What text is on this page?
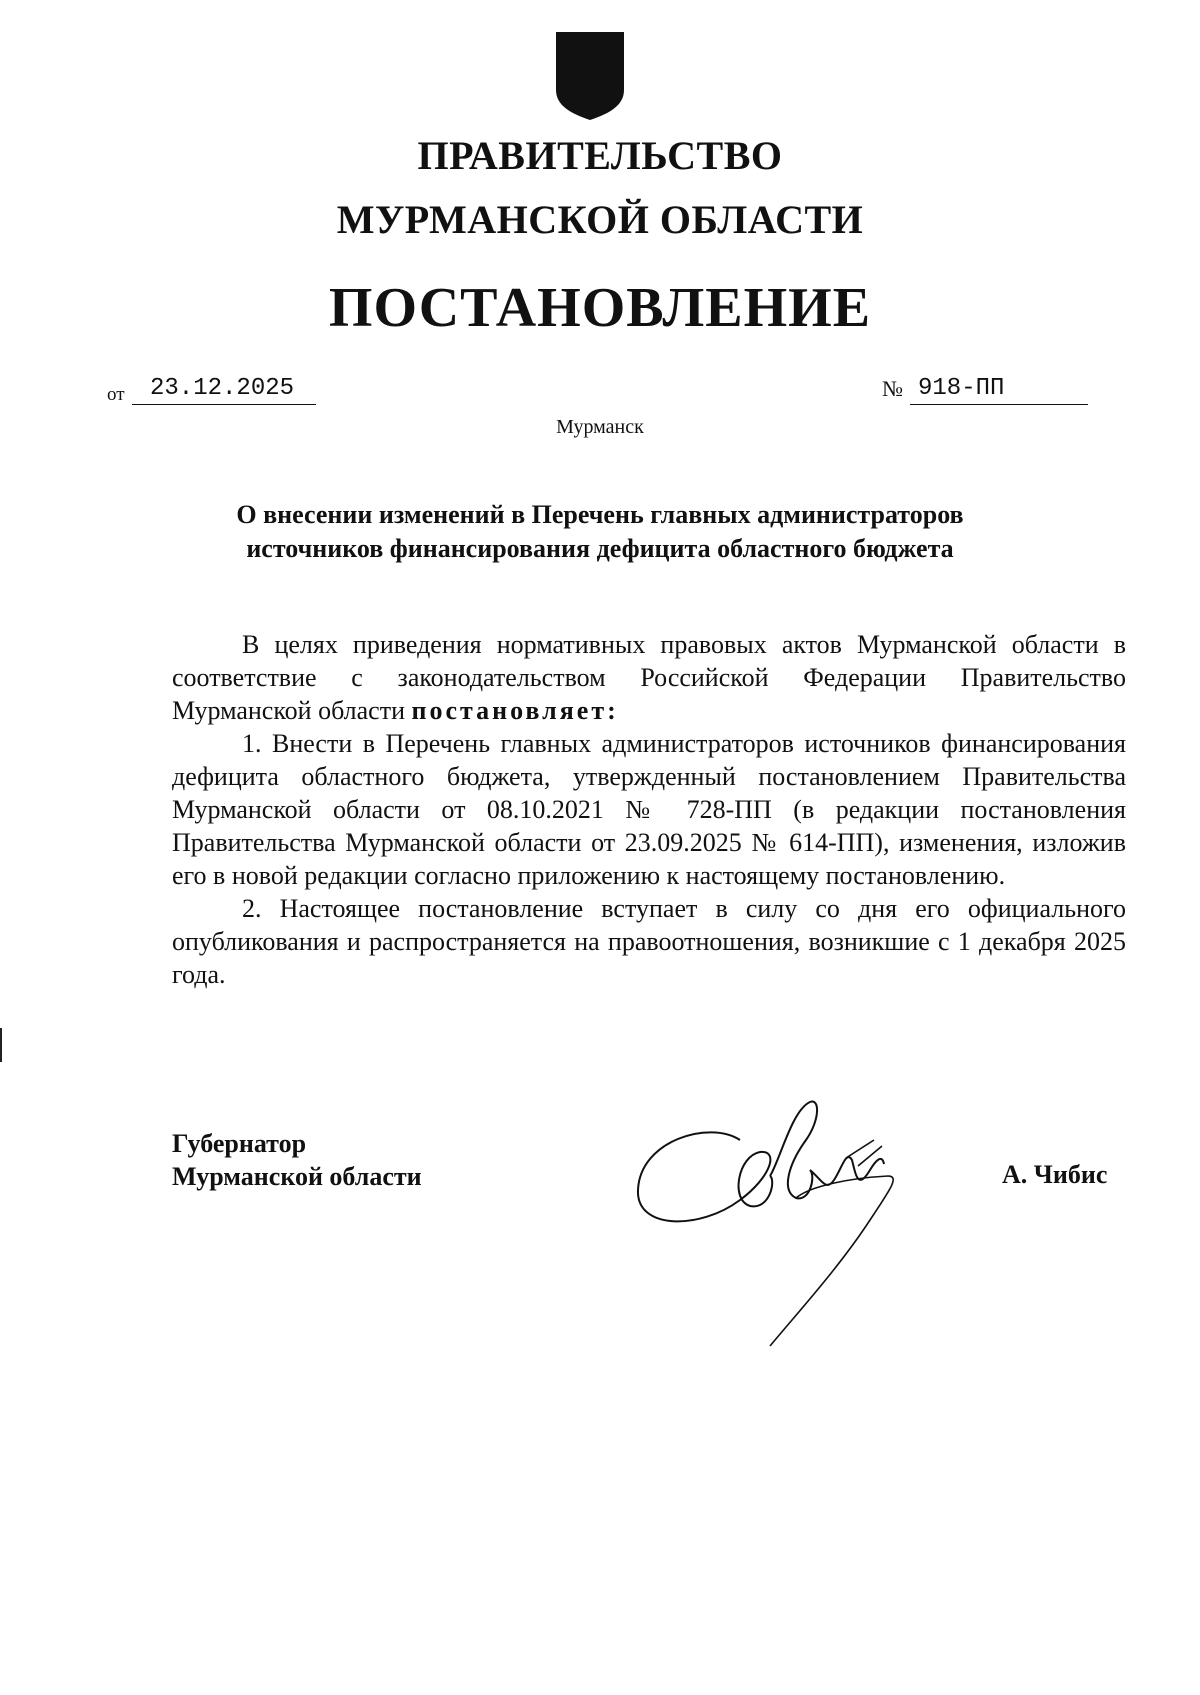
ПРАВИТЕЛЬСТВО
МУРМАНСКОЙ ОБЛАСТИ
ПОСТАНОВЛЕНИЕ
от	23.12.2025	№ 918-ПП
Мурманск
О внесении изменений в Перечень главных администраторов
источников финансирования дефицита областного бюджета

В целях приведения нормативных правовых актов Мурманской области в соответствие с законодательством Российской Федерации Правительство Мурманской области постановляет:

1. Внести в Перечень главных администраторов источников финансирования дефицита областного бюджета, утвержденный постановлением Правительства Мурманской области от 08.10.2021 № 728-ПП (в редакции постановления Правительства Мурманской области от 23.09.2025 № 614-ПП), изменения, изложив его в новой редакции согласно приложению к настоящему постановлению.

2. Настоящее постановление вступает в силу со дня его официального опубликования и распространяется на правоотношения, возникшие с 1 декабря 2025 года.

Губернатор
Мурманской области	А. Чибис
